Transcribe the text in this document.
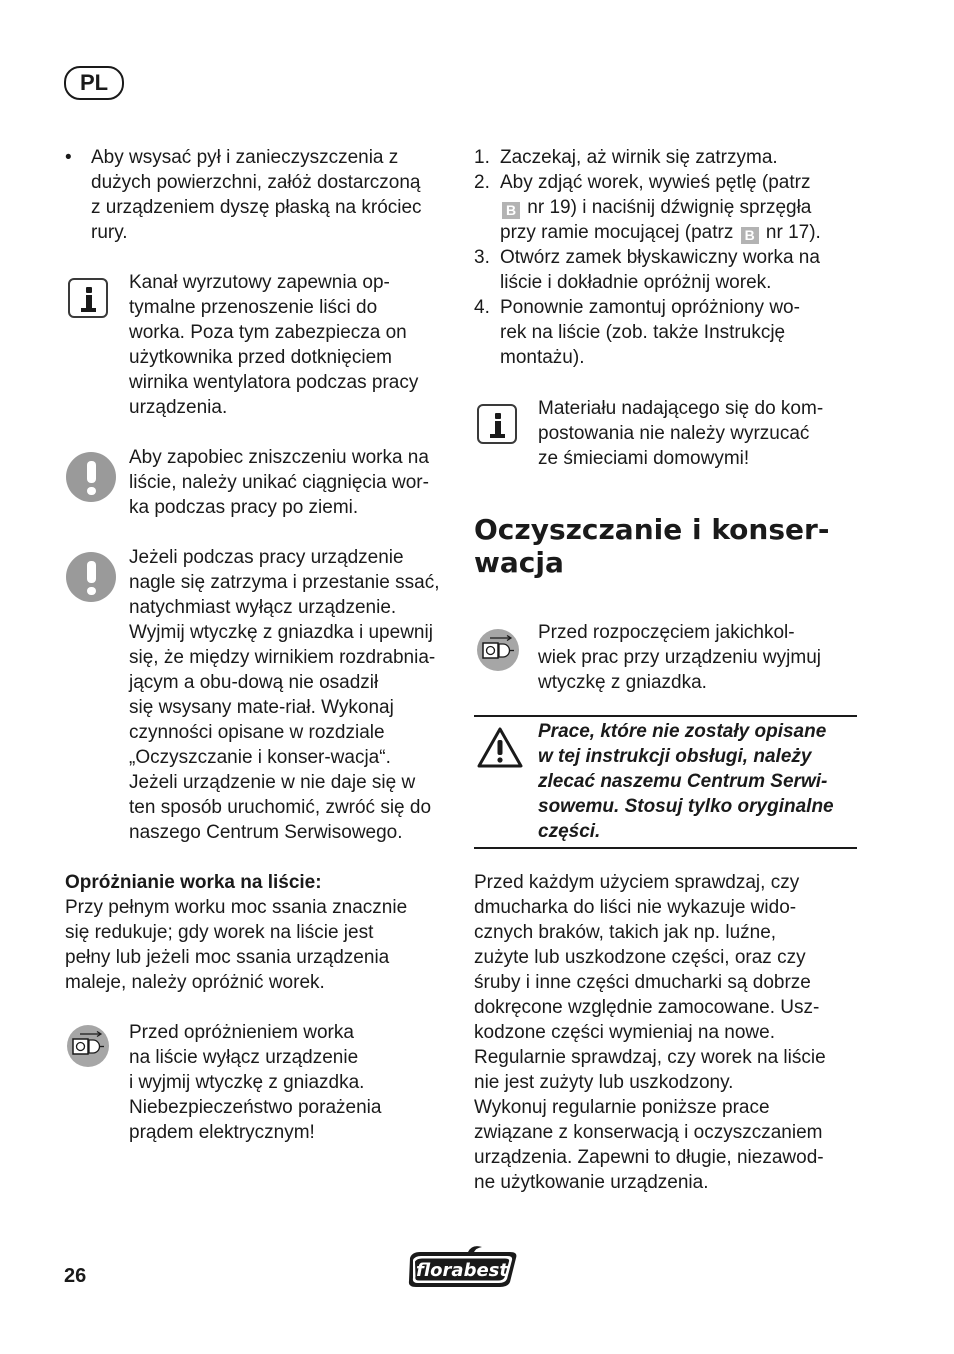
PL
•	Aby wsysać pył i zanieczyszczenia z
dużych powierzchni, załóż dostarczoną
z urządzeniem dyszę płaską na króciec
rury.
Kanał wyrzutowy zapewnia op-
tymalne przenoszenie liści do
worka. Poza tym zabezpiecza on
użytkownika przed dotknięciem
wirnika wentylatora podczas pracy
urządzenia.
Aby zapobiec zniszczeniu worka na
liście, należy unikać ciągnięcia wor-
ka podczas pracy po ziemi.
Jeżeli podczas pracy urządzenie
nagle się zatrzyma i przestanie ssać,
natychmiast wyłącz urządzenie.
Wyjmij wtyczkę z gniazdka i upewnij
się, że między wirnikiem rozdrabnia-
jącym a obu-dową nie osadził
się wsysany mate-riał. Wykonaj
czynności opisane w rozdziale
„Oczyszczanie i konser-wacja“.
Jeżeli urządzenie w nie daje się w
ten sposób uruchomić, zwróć się do
naszego Centrum Serwisowego.
Opróżnianie worka na liście:
Przy pełnym worku moc ssania znacznie
się redukuje; gdy worek na liście jest
pełny lub jeżeli moc ssania urządzenia
maleje, należy opróżnić worek.
Przed opróżnieniem worka
na liście wyłącz urządzenie
i wyjmij wtyczkę z gniazdka.
Niebezpieczeństwo porażenia
prądem elektrycznym!
1. Zaczekaj, aż wirnik się zatrzyma.
2. Aby zdjąć worek, wywieś pętlę (patrz
B nr 19) i naciśnij dźwignię sprzęgła
przy ramie mocującej (patrz B nr 17).
3. Otwórz zamek błyskawiczny worka na
liście i dokładnie opróżnij worek.
4. Ponownie zamontuj opróżniony wo-
rek na liście (zob. także Instrukcję
montażu).
Materiału nadającego się do kom-
postowania nie należy wyrzucać
ze śmieciami domowymi!
Oczyszczanie i konser-
wacja
Przed rozpoczęciem jakichkol-
wiek prac przy urządzeniu wyjmuj
wtyczkę z gniazdka.
Prace, które nie zostały opisane
w tej instrukcji obsługi, należy
zlecać naszemu Centrum Serwi-
sowemu. Stosuj tylko oryginalne
części.
Przed każdym użyciem sprawdzaj, czy
dmucharka do liści nie wykazuje wido-
cznych braków, takich jak np. luźne,
zużyte lub uszkodzone części, oraz czy
śruby i inne części dmucharki są dobrze
dokręcone względnie zamocowane. Usz-
kodzone części wymieniaj na nowe.
Regularnie sprawdzaj, czy worek na liście
nie jest zużyty lub uszkodzony.
Wykonuj regularnie poniższe prace
związane z konserwacją i oczyszczaniem
urządzenia. Zapewni to długie, niezawod-
ne użytkowanie urządzenia.
26	florabest
